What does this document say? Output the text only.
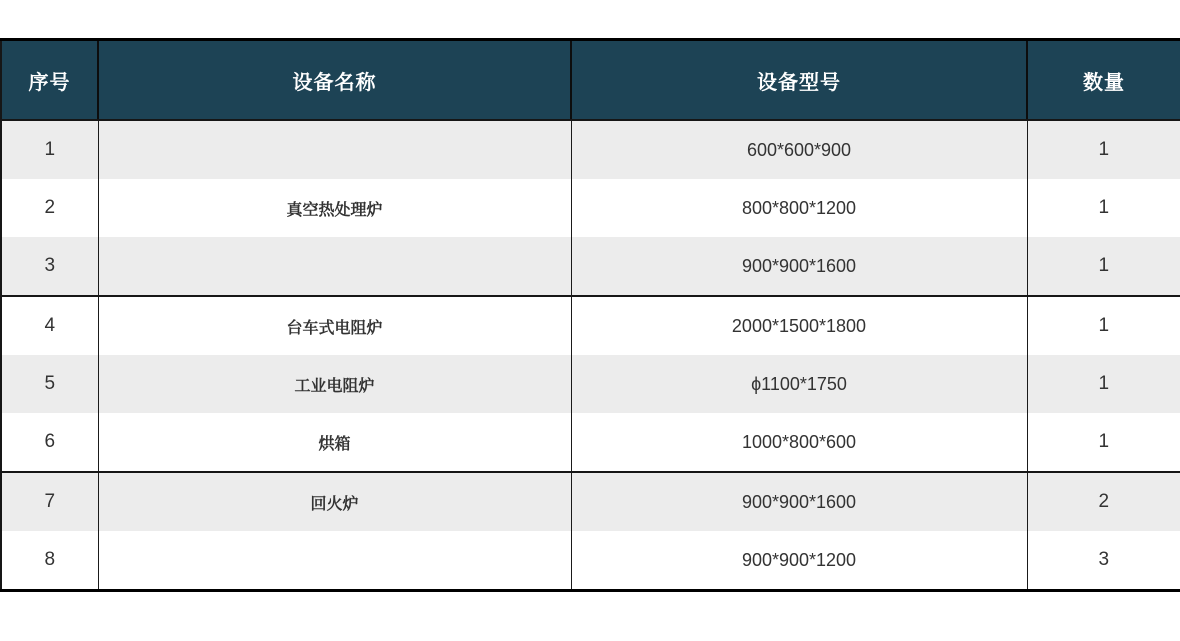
序号	设备名称	设备型号	数量
1		600*600*900	1
2	真空热处理炉	800*800*1200	1
3		900*900*1600	1
4	台车式电阻炉	2000*1500*1800	1
5	工业电阻炉	ϕ1100*1750	1
6	烘箱	1000*800*600	1
7	回火炉	900*900*1600	2
8		900*900*1200	3
